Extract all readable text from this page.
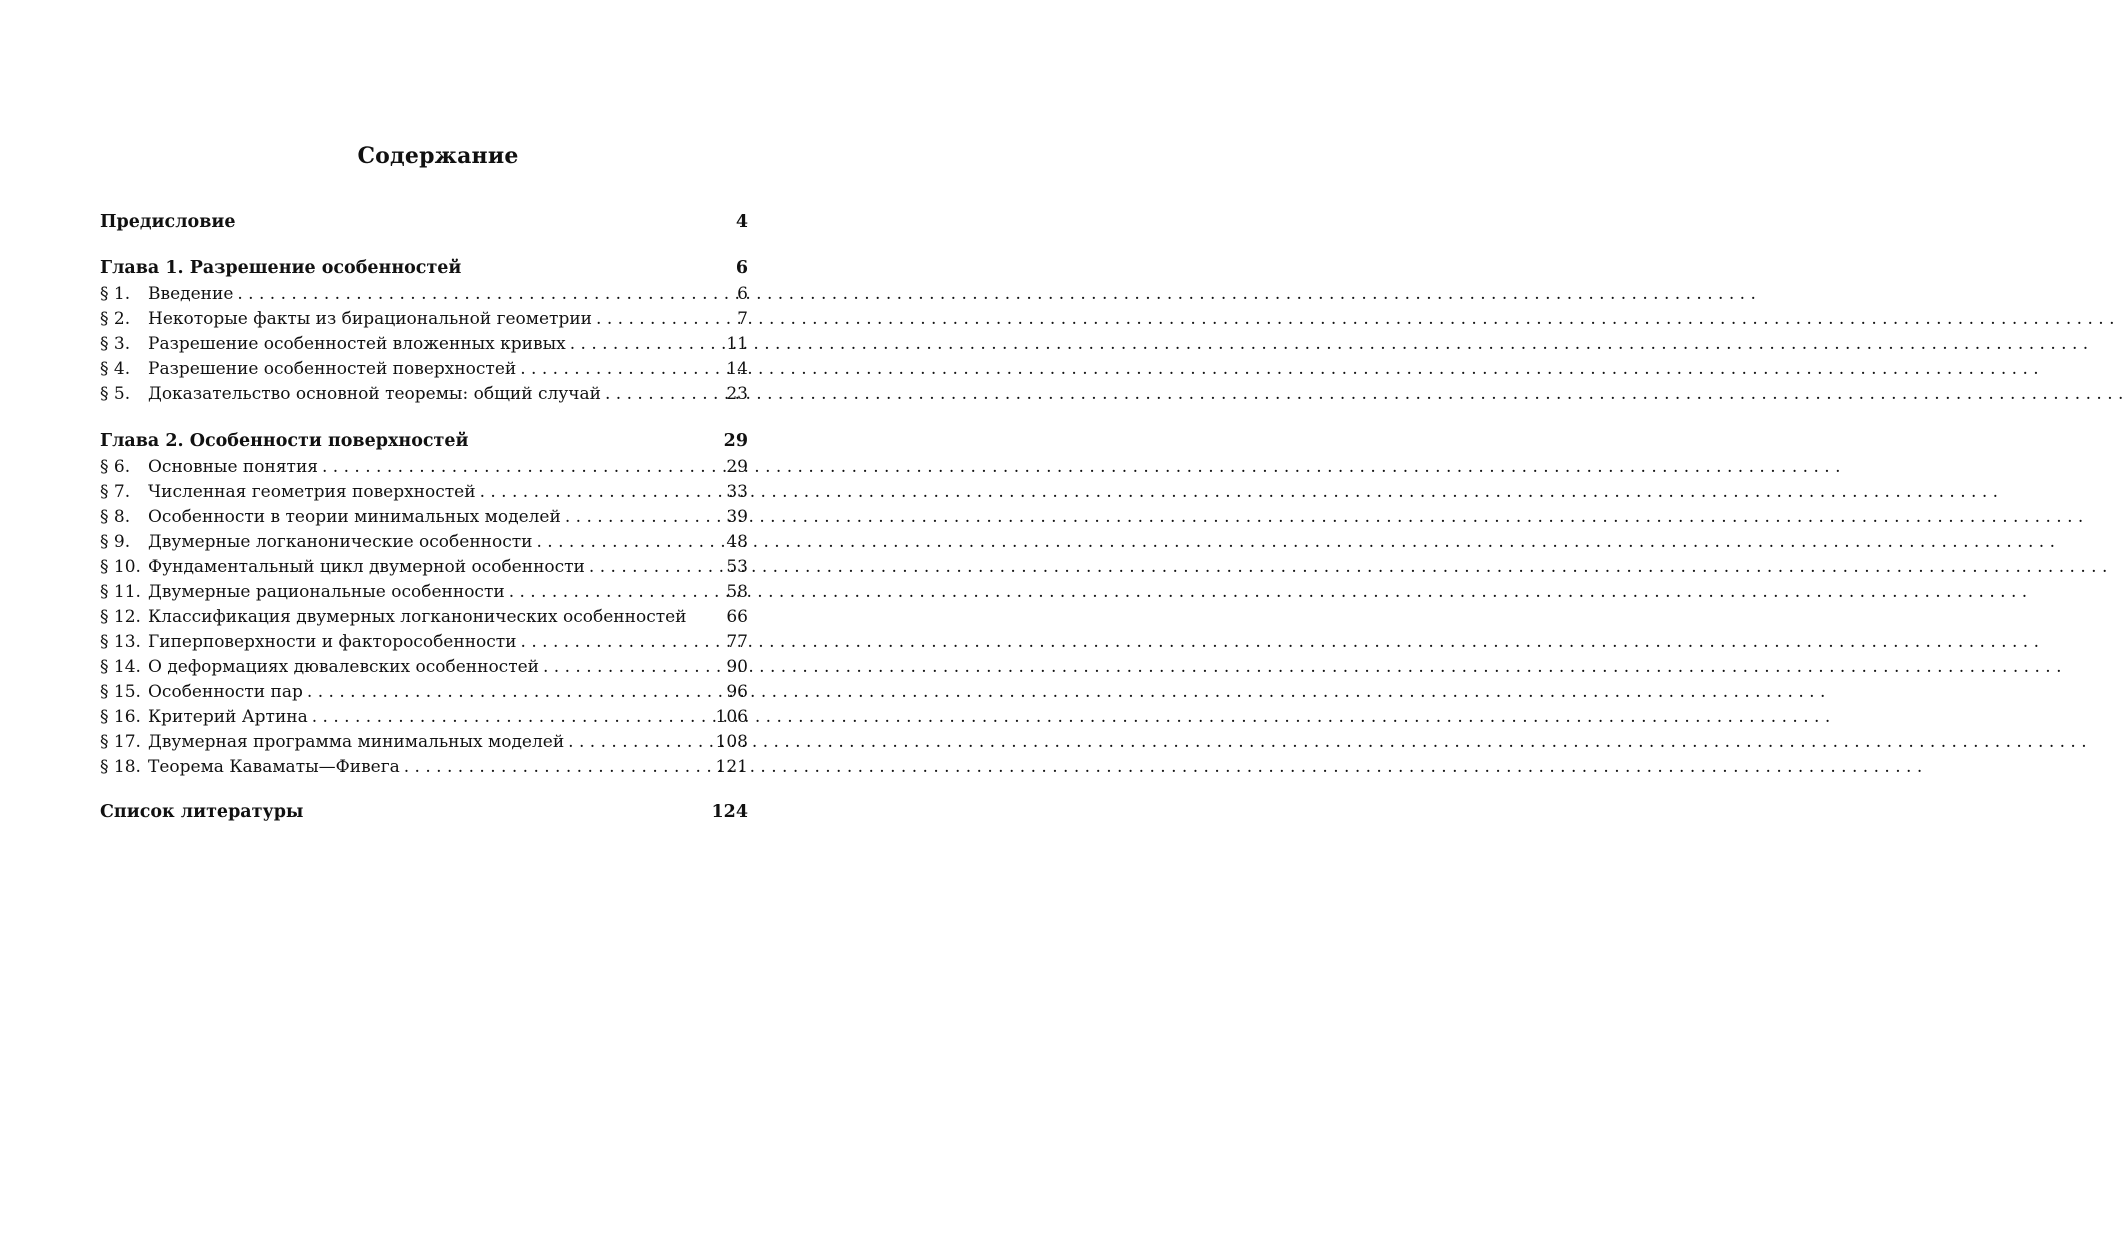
Содержание
Предисловие	4
Глава 1. Разрешение особенностей	6
§ 1.	Введение . . .	6
§ 2.	Некоторые факты из бирациональной геометрии . . .	7
§ 3.	Разрешение особенностей вложенных кривых . . .	11
§ 4.	Разрешение особенностей поверхностей . . .	14
§ 5.	Доказательство основной теоремы: общий случай . . .	23
Глава 2. Особенности поверхностей	29
§ 6.	Основные понятия . . .	29
§ 7.	Численная геометрия поверхностей . . .	33
§ 8.	Особенности в теории минимальных моделей . . .	39
§ 9.	Двумерные логканонические особенности . . .	48
§ 10. Фундаментальный цикл двумерной особенности . . .	53
§ 11. Двумерные рациональные особенности . . .	58
§ 12. Классификация двумерных логканонических особенностей	66
§ 13. Гиперповерхности и факторособенности . . .	77
§ 14. О деформациях дювалевских особенностей . . .	90
§ 15. Особенности пар . . .	96
§ 16. Критерий Артина . . .	106
§ 17. Двумерная программа минимальных моделей . . .	108
§ 18. Теорема Кавамaты—Фивега . . .	121
Список литературы	124
